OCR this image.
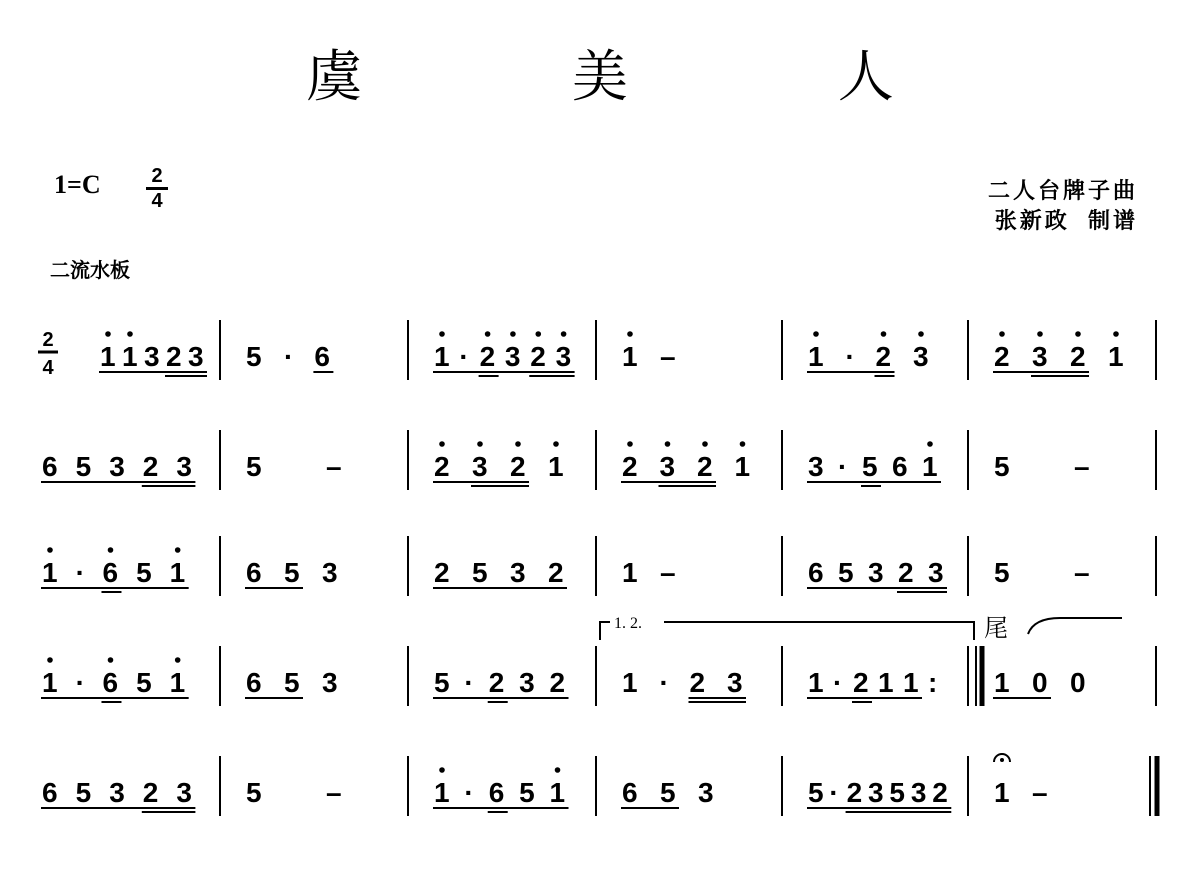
虞 美 人
1=C	2
4	二人台牌子曲
张新政  制谱
二流水板
2
4 1 1 3 2 3 5 · 6	1 · 2 3 2 3 1 –	1 · 2 3 2 3 2 1
6 5 3 2 3 5 –	2 3 2 1 2 3 2 1 3 · 5 6 1 5 –
1 · 6 5 1 6 5 3	2 5 3 2 1 –	6 5 3 2 3 5 –
1 · 6 5 1 6 5 3	5 · 2 3 2 1 · 2 3 1 · 2 1 1 : 1 0 0
6 5 3 2 3 5 –	1 · 6 5 1 6 5 3	5 · 2 3 5 3 2 1 –
1. 2.	尾
